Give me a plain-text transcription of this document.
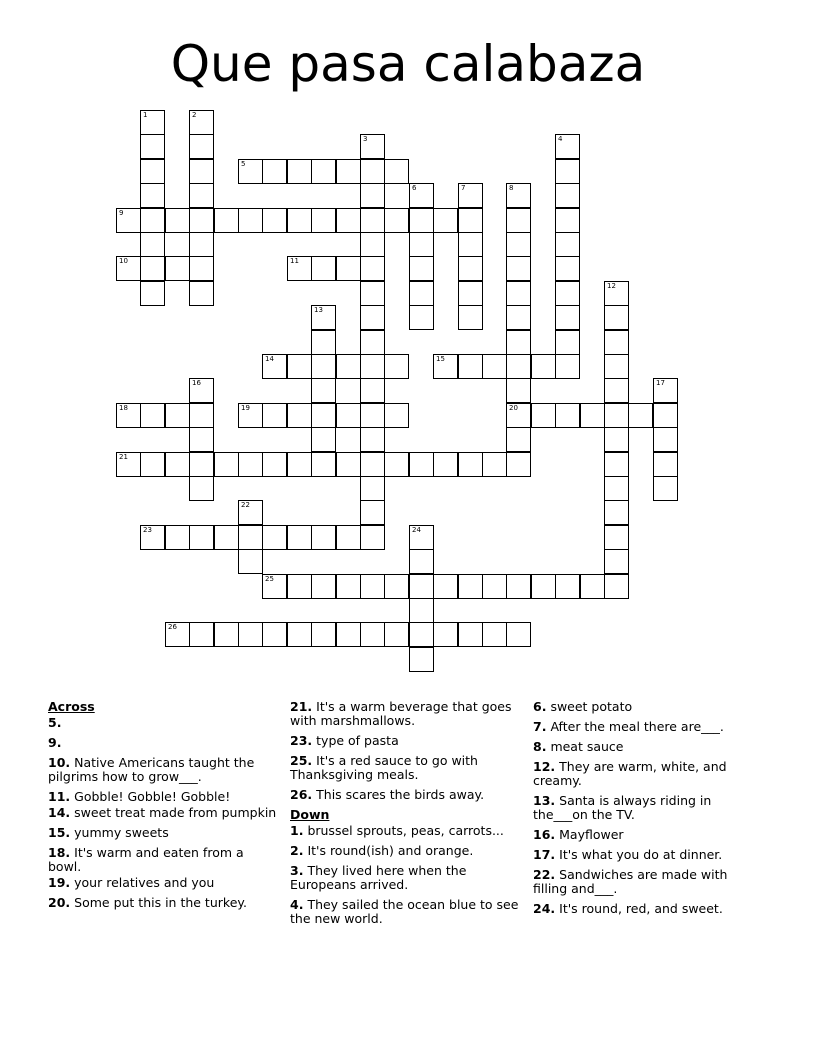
Que pasa calabaza
1	2
3	4
5
6	7	8
9
10	11
12
13
14	15
16	17
18	19	20
21
22
23	24
25
26
Across
5.
9.
10. Native Americans taught the pilgrims how to grow___.
11. Gobble! Gobble! Gobble!
14. sweet treat made from pumpkin
15. yummy sweets
18. It's warm and eaten from a bowl.
19. your relatives and you
20. Some put this in the turkey.
21. It's a warm beverage that goes with marshmallows.
23. type of pasta
25. It's a red sauce to go with Thanksgiving meals.
26. This scares the birds away.
Down
1. brussel sprouts, peas, carrots...
2. It's round(ish) and orange.
3. They lived here when the Europeans arrived.
4. They sailed the ocean blue to see the new world.
6. sweet potato
7. After the meal there are___.
8. meat sauce
12. They are warm, white, and creamy.
13. Santa is always riding in the___on the TV.
16. Mayflower
17. It's what you do at dinner.
22. Sandwiches are made with filling and___.
24. It's round, red, and sweet.
